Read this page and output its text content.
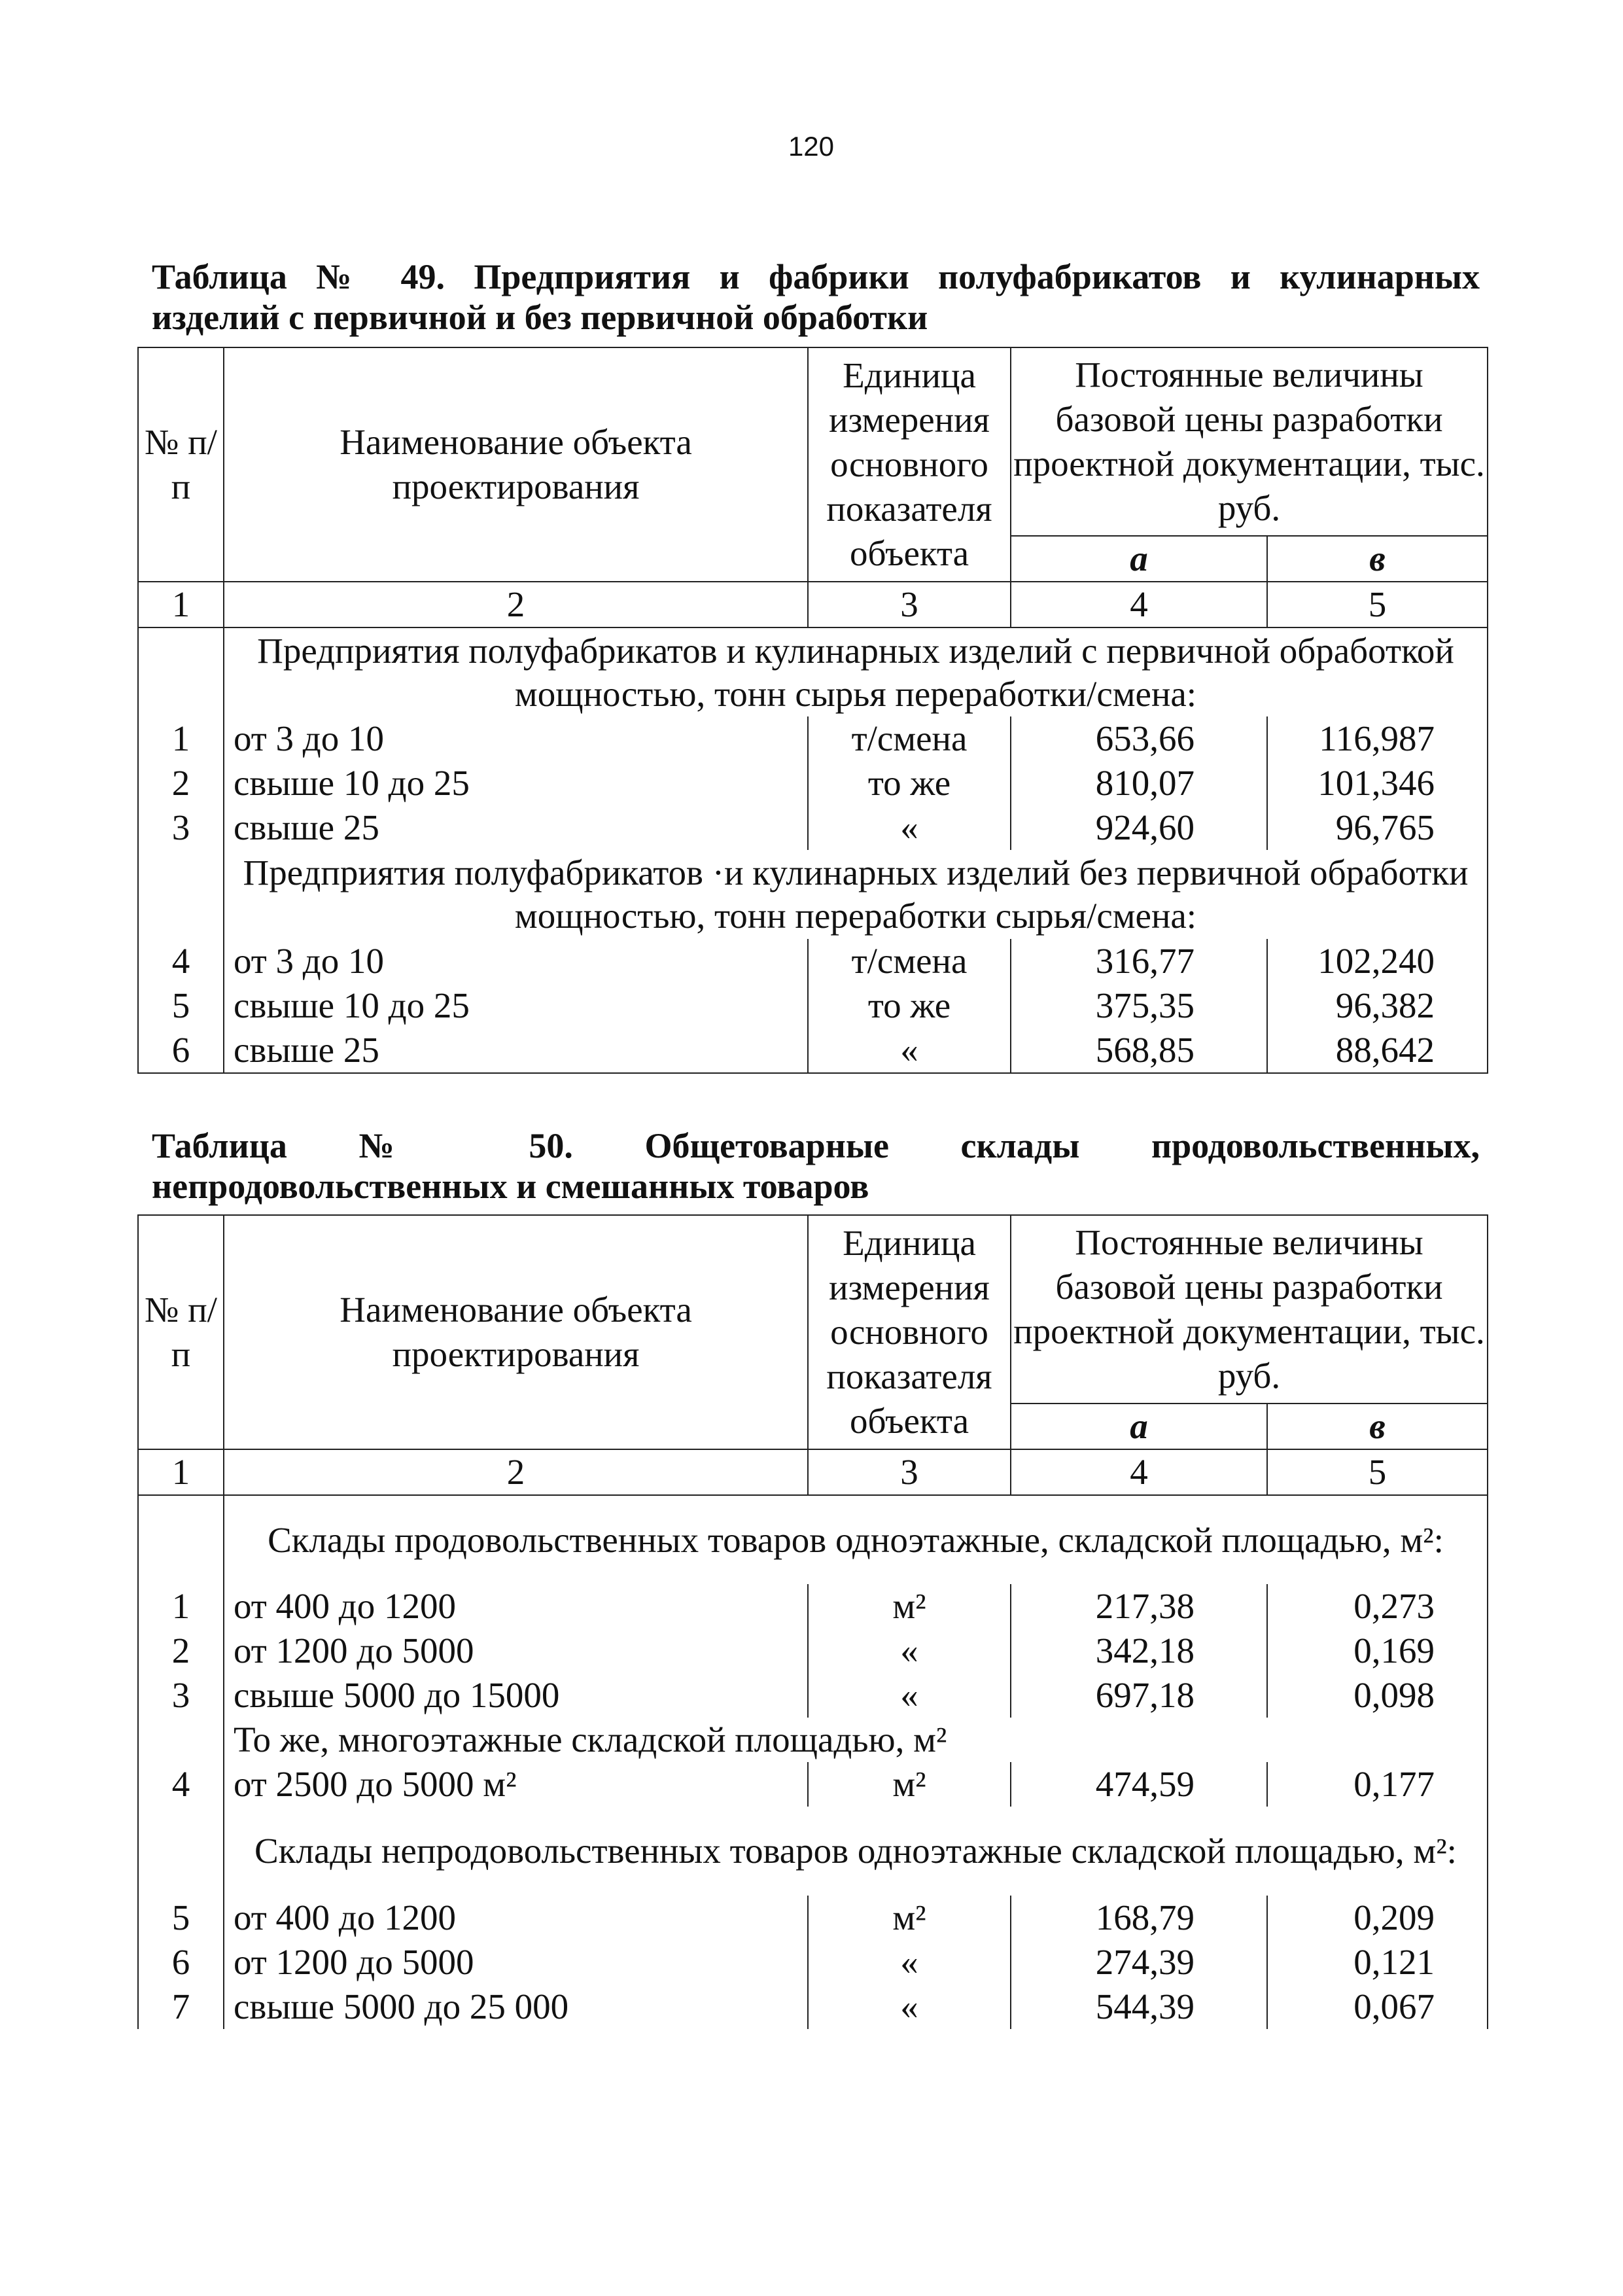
120
Таблица № 49. Предприятия и фабрики полуфабрикатов и кулинарных
изделий с первичной и без первичной обработки
№ п/п	Наименование объекта проектирования	Единица измерения основного показателя объекта	Постоянные величины базовой цены разработки проектной документации, тыс. руб.	
			а	в
1	2	3	4	5
	Предприятия полуфабрикатов и кулинарных изделий с первичной обработкой мощностью, тонн сырья переработки/смена:			
1	от 3 до 10	т/смена	653,66	116,987
2	свыше 10 до 25	то же	810,07	101,346
3	свыше 25	«	924,60	96,765
	Предприятия полуфабрикатов ·и кулинарных изделий без первичной обработки мощностью, тонн переработки сырья/смена:			
4	от 3 до 10	т/смена	316,77	102,240
5	свыше 10 до 25	то же	375,35	96,382
6	свыше 25	«	568,85	88,642
Таблица № 50. Общетоварные склады продовольственных,
непродовольственных и смешанных товаров
№ п/п	Наименование объекта проектирования	Единица измерения основного показателя объекта	Постоянные величины базовой цены разработки проектной документации, тыс. руб.	
			а	в
1	2	3	4	5
	Склады продовольственных товаров одноэтажные, складской площадью, м²:			
1	от 400 до 1200	м²	217,38	0,273
2	от 1200 до 5000	«	342,18	0,169
3	свыше 5000 до 15000	«	697,18	0,098
	То же, многоэтажные складской площадью, м²			
4	от 2500 до 5000 м²	м²	474,59	0,177
	Склады непродовольственных товаров одноэтажные складской площадью, м²:			
5	от 400 до 1200	м²	168,79	0,209
6	от 1200 до 5000	«	274,39	0,121
7	свыше 5000 до 25 000	«	544,39	0,067
